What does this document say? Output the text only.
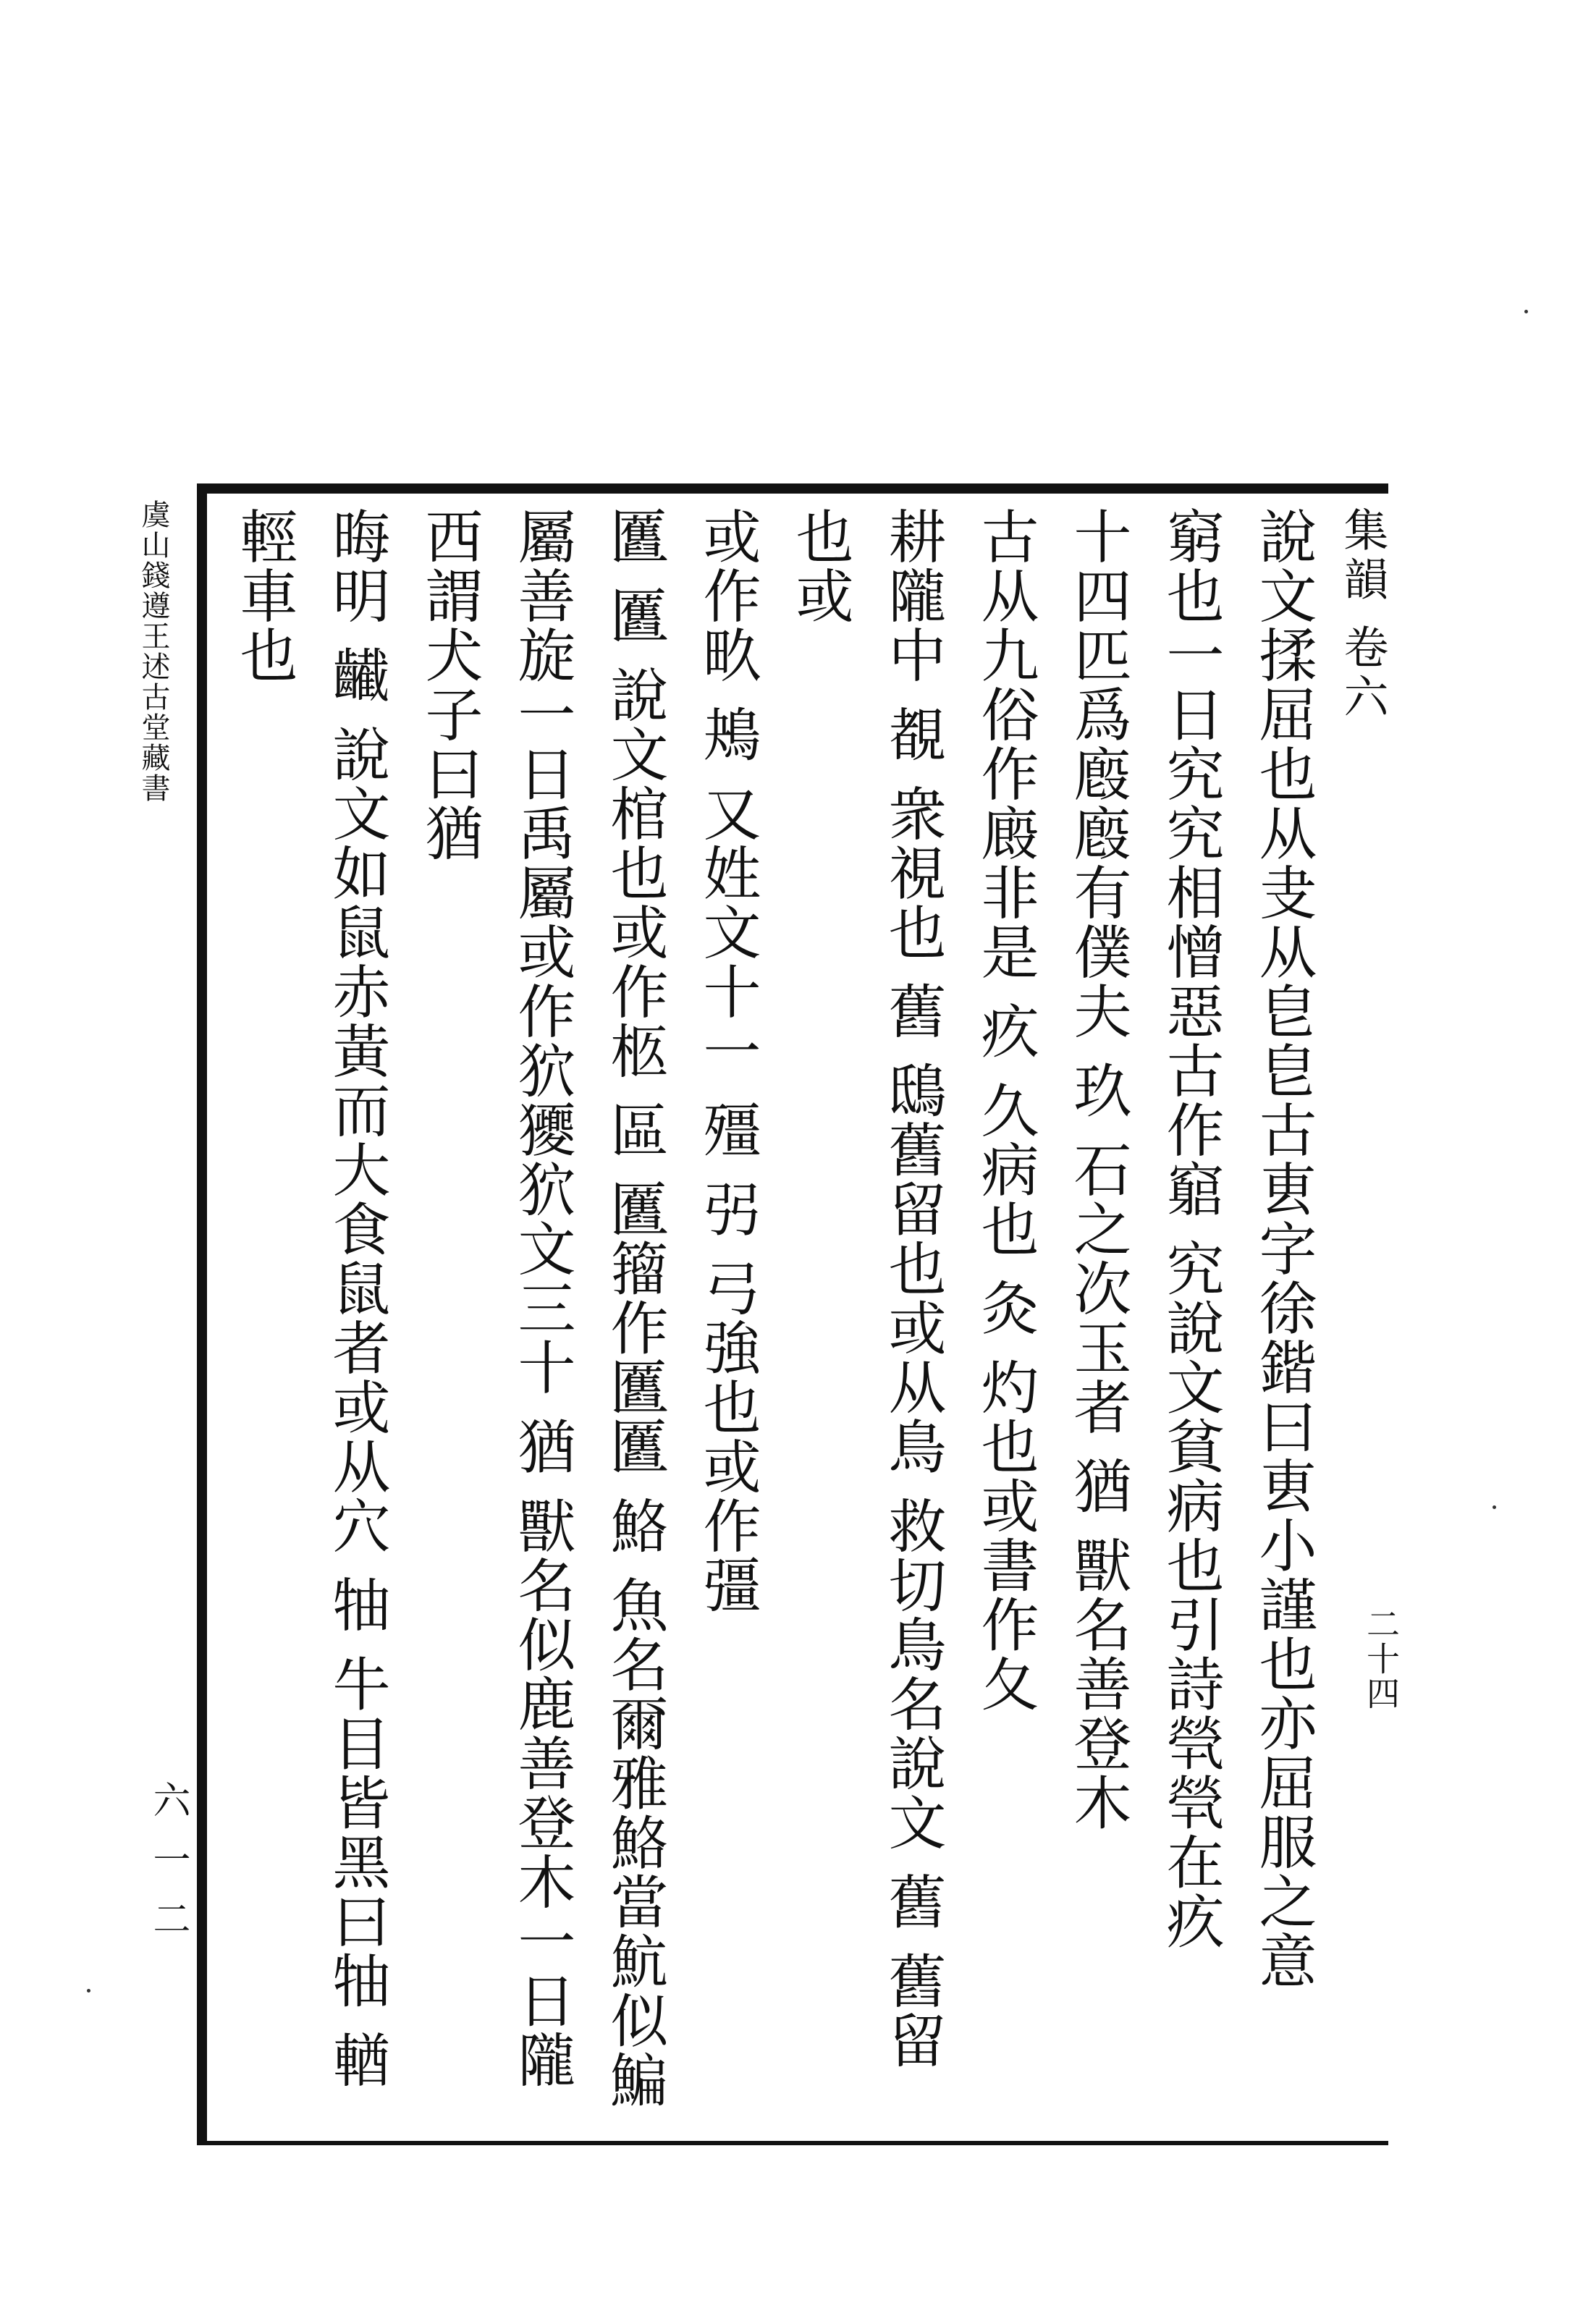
虞山錢遵王述古堂藏書	集韻 卷六
二十四
六一二	說文揉屈也从叏从皀皀古叀字徐鍇曰叀小謹也亦屈服之意
窮也一日究究相憎惡古作竆 究說文貧病也引詩煢煢在疚
十四匹爲廏廏有僕夫 玖 石之次玉者 猶 獸名善登木
古从九俗作廄非是 疚 久病也 灸 灼也或書作夂
耕隴中 覩 衆視也 舊 鴟舊留也或从鳥 救切鳥名說文 舊 舊留也或
或作畂 鴂 又姓文十一 殭 弜 弓強也或作彊
匶 匶 說文棺也或作柩 區 匶籀作匶匶 鮥 魚名爾雅鮥當魧似鯿
屬善旋一日禹屬或作狖獿狖文三十 猶 獸名似鹿善登木一日隴西謂犬子曰猶
晦明 䶪 說文如鼠赤黃而大食鼠者或从穴 牰 牛目皆黑曰牰 輶 輕車也
